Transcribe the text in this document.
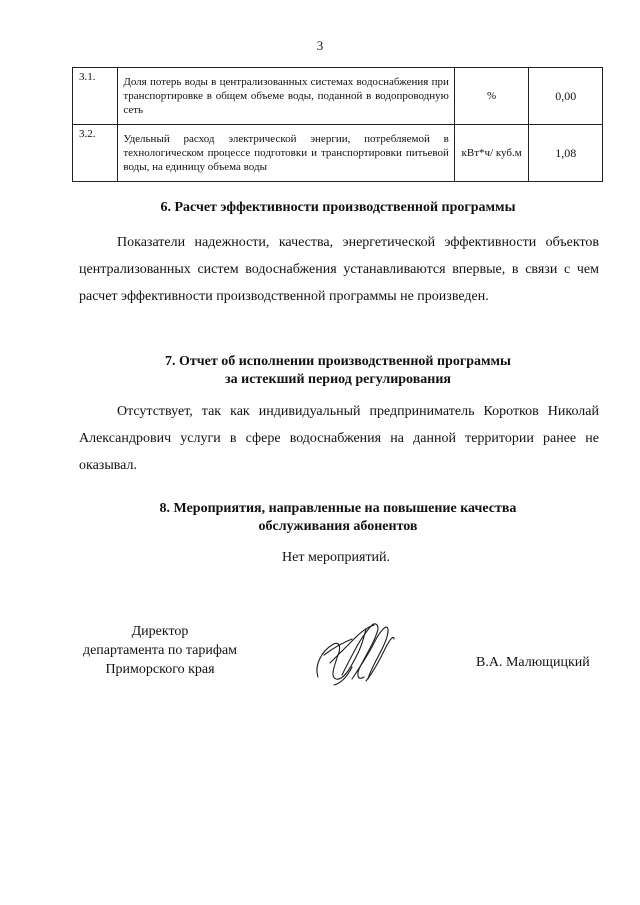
3
3.1.	Доля потерь воды в централизованных системах водоснабжения при транспортировке в общем объеме воды, поданной в водопроводную сеть	%	0,00
3.2.	Удельный расход электрической энергии, потребляемой в технологическом процессе подготовки и транспортировки питьевой воды, на единицу объема воды	кВт*ч/ куб.м	1,08
6. Расчет эффективности производственной программы
Показатели надежности, качества, энергетической эффективности объектов централизованных систем водоснабжения устанавливаются впервые, в связи с чем расчет эффективности производственной программы не произведен.
7. Отчет об исполнении производственной программы
за истекший период регулирования
Отсутствует, так как индивидуальный предприниматель Коротков Николай Александрович услуги в сфере водоснабжения на данной территории ранее не оказывал.
8. Мероприятия, направленные на повышение качества
обслуживания абонентов
Нет мероприятий.
Директор
департамента по тарифам
Приморского края	В.А. Малющицкий
